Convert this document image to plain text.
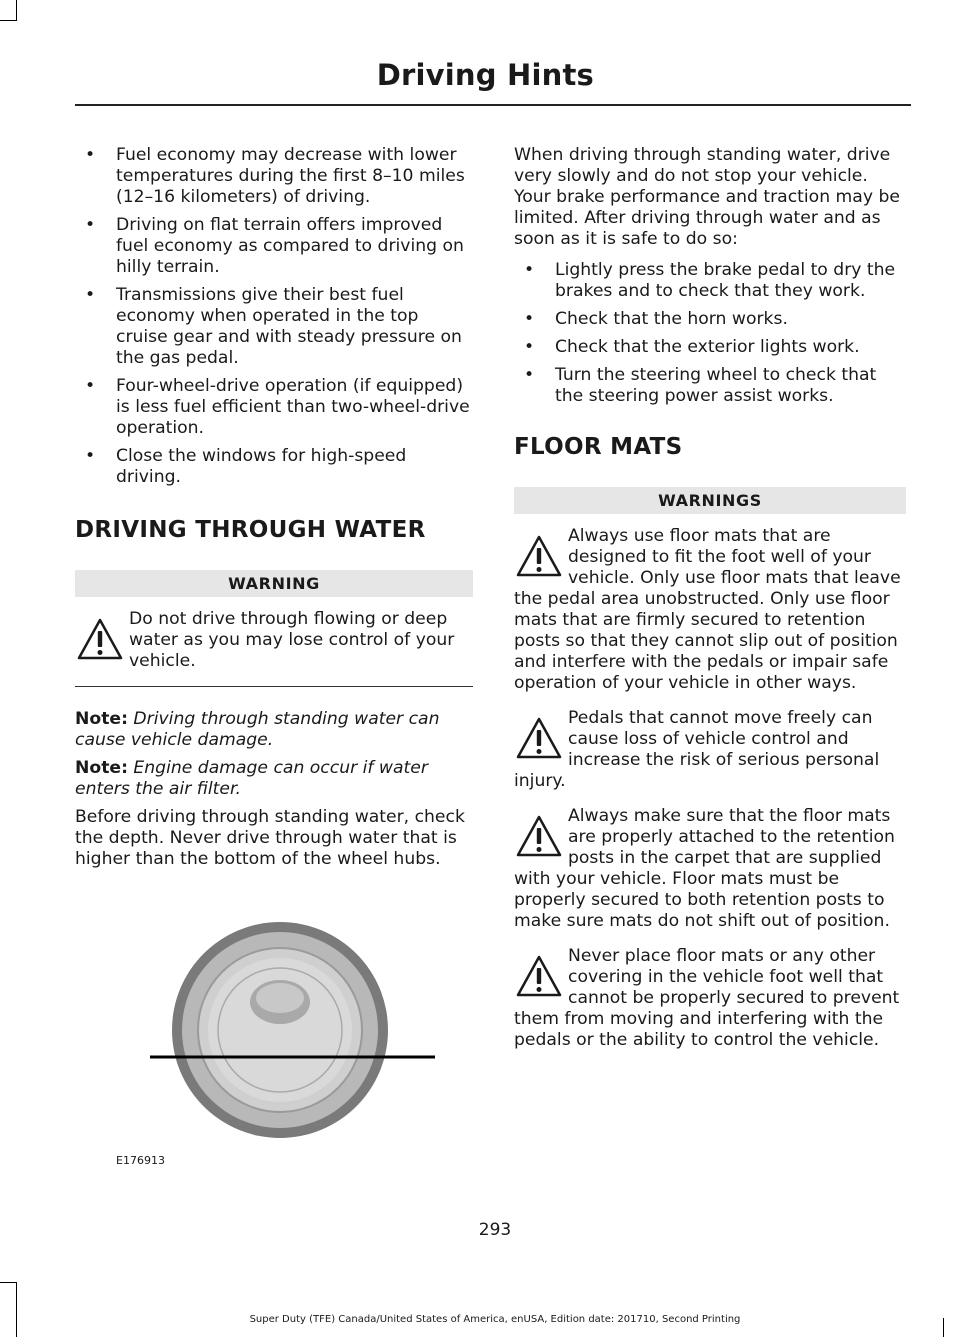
Driving Hints
• Fuel economy may decrease with lower temperatures during the first 8–10 miles (12–16 kilometers) of driving.
• Driving on flat terrain offers improved fuel economy as compared to driving on hilly terrain.
• Transmissions give their best fuel economy when operated in the top cruise gear and with steady pressure on the gas pedal.
• Four-wheel-drive operation (if equipped) is less fuel efficient than two-wheel-drive operation.
• Close the windows for high-speed driving.
DRIVING THROUGH WATER
WARNING
Do not drive through flowing or deep water as you may lose control of your vehicle.

Note: Driving through standing water can cause vehicle damage.

Note: Engine damage can occur if water enters the air filter.

Before driving through standing water, check the depth. Never drive through water that is higher than the bottom of the wheel hubs.

E176913

When driving through standing water, drive very slowly and do not stop your vehicle. Your brake performance and traction may be limited. After driving through water and as soon as it is safe to do so:

• Lightly press the brake pedal to dry the brakes and to check that they work.
• Check that the horn works.
• Check that the exterior lights work.
• Turn the steering wheel to check that the steering power assist works.
FLOOR MATS
WARNINGS
Always use floor mats that are designed to fit the foot well of your vehicle. Only use floor mats that leave the pedal area unobstructed. Only use floor mats that are firmly secured to retention posts so that they cannot slip out of position and interfere with the pedals or impair safe operation of your vehicle in other ways.
Pedals that cannot move freely can cause loss of vehicle control and increase the risk of serious personal injury.
Always make sure that the floor mats are properly attached to the retention posts in the carpet that are supplied with your vehicle. Floor mats must be properly secured to both retention posts to make sure mats do not shift out of position.
Never place floor mats or any other covering in the vehicle foot well that cannot be properly secured to prevent them from moving and interfering with the pedals or the ability to control the vehicle.
293
Super Duty (TFE) Canada/United States of America, enUSA, Edition date: 201710, Second Printing
